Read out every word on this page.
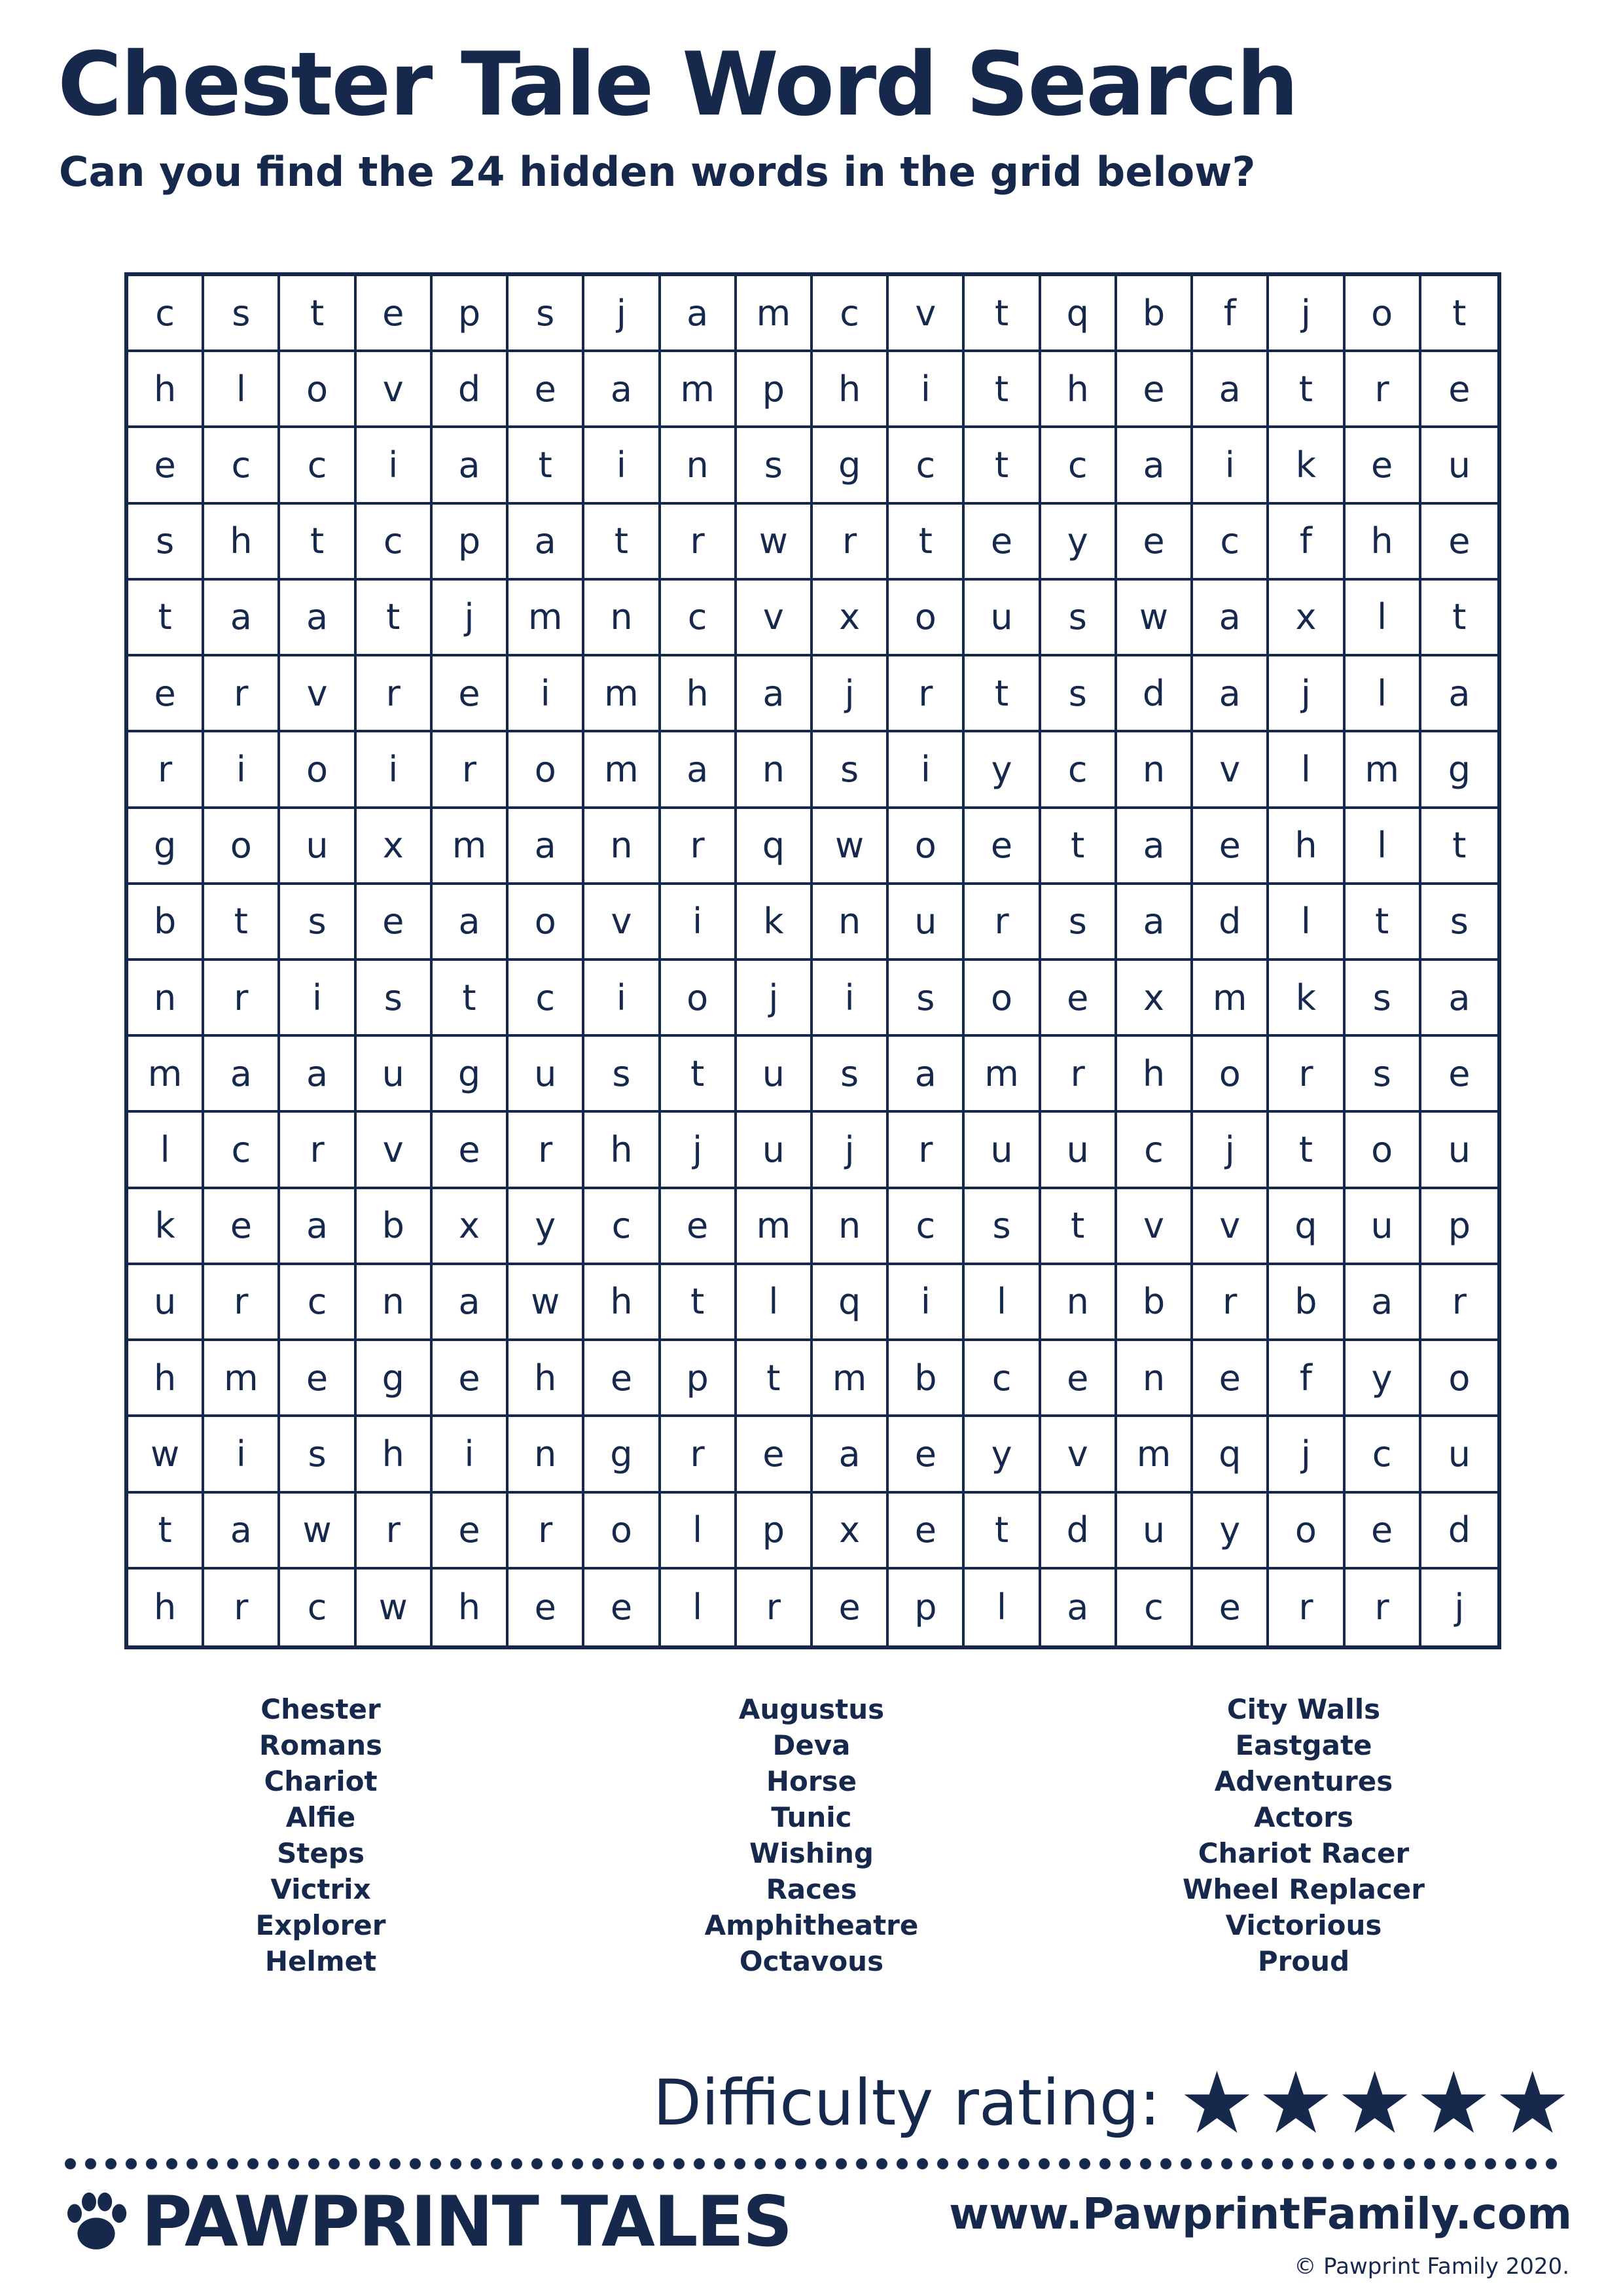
Chester Tale Word Search
Can you find the 24 hidden words in the grid below?
c	s	t	e	p	s	j	a	m	c	v	t	q	b	f	j	o	t
h	l	o	v	d	e	a	m	p	h	i	t	h	e	a	t	r	e
e	c	c	i	a	t	i	n	s	g	c	t	c	a	i	k	e	u
s	h	t	c	p	a	t	r	w	r	t	e	y	e	c	f	h	e
t	a	a	t	j	m	n	c	v	x	o	u	s	w	a	x	l	t
e	r	v	r	e	i	m	h	a	j	r	t	s	d	a	j	l	a
r	i	o	i	r	o	m	a	n	s	i	y	c	n	v	l	m	g
g	o	u	x	m	a	n	r	q	w	o	e	t	a	e	h	l	t
b	t	s	e	a	o	v	i	k	n	u	r	s	a	d	l	t	s
n	r	i	s	t	c	i	o	j	i	s	o	e	x	m	k	s	a
m	a	a	u	g	u	s	t	u	s	a	m	r	h	o	r	s	e
l	c	r	v	e	r	h	j	u	j	r	u	u	c	j	t	o	u
k	e	a	b	x	y	c	e	m	n	c	s	t	v	v	q	u	p
u	r	c	n	a	w	h	t	l	q	i	l	n	b	r	b	a	r
h	m	e	g	e	h	e	p	t	m	b	c	e	n	e	f	y	o
w	i	s	h	i	n	g	r	e	a	e	y	v	m	q	j	c	u
t	a	w	r	e	r	o	l	p	x	e	t	d	u	y	o	e	d
h	r	c	w	h	e	e	l	r	e	p	l	a	c	e	r	r	j
Chester
Romans
Chariot
Alfie
Steps
Victrix
Explorer
Helmet
Augustus
Deva
Horse
Tunic
Wishing
Races
Amphitheatre
Octavous
City Walls
Eastgate
Adventures
Actors
Chariot Racer
Wheel Replacer
Victorious
Proud
Difficulty rating: ★★★★★
PAWPRINT TALES	www.PawprintFamily.com
© Pawprint Family 2020.
